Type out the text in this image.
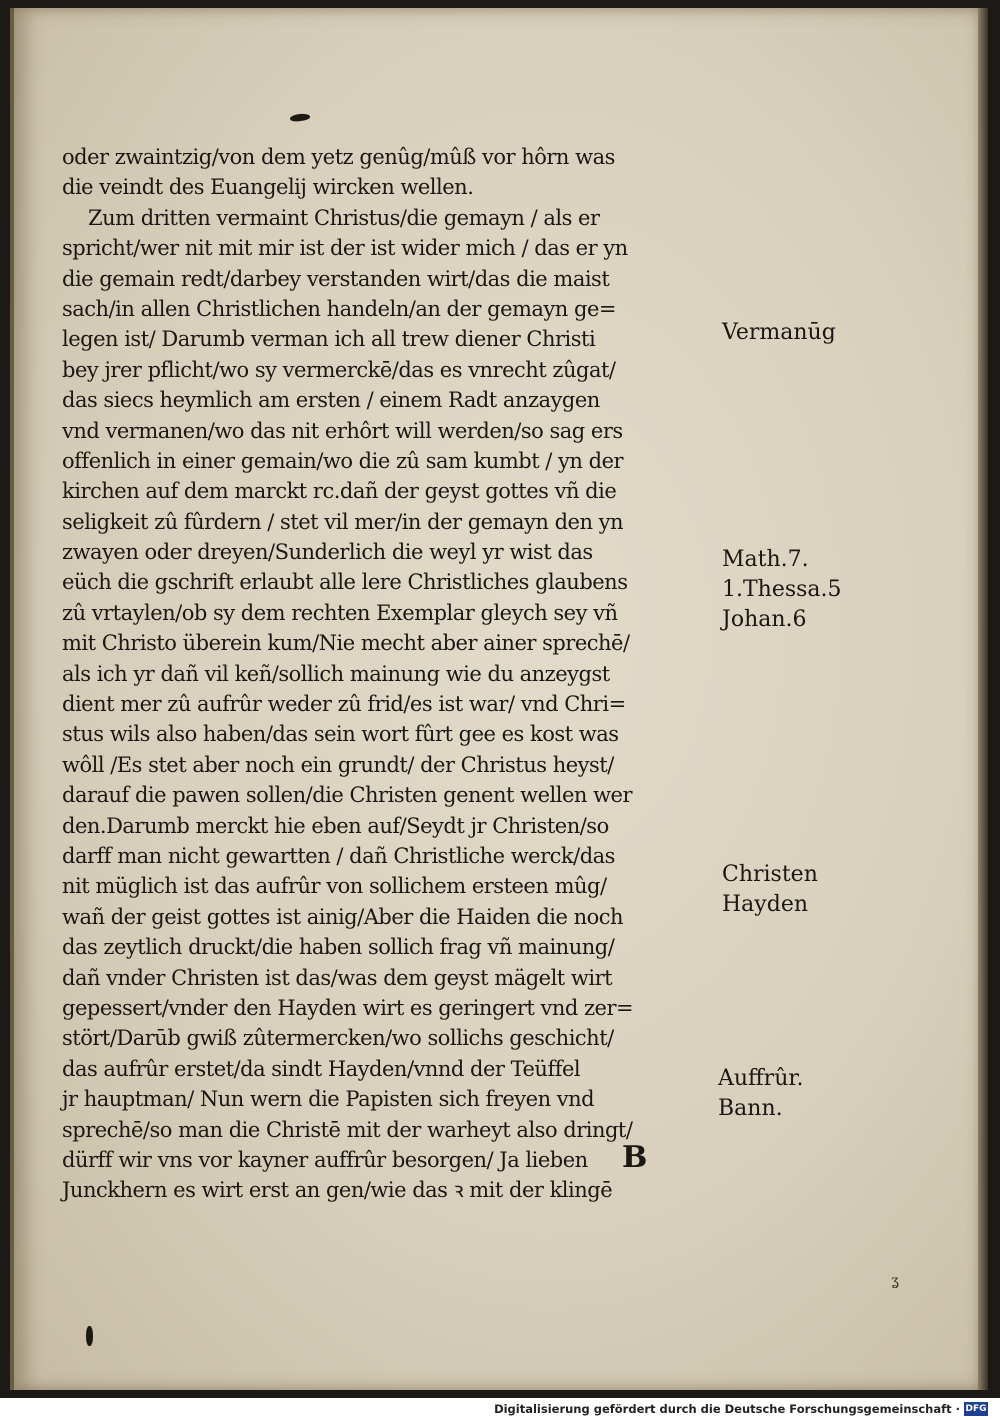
ʓ
oder zwaintzig/von dem yetz genûg/mûß vor hôrn was
die veindt des Euangelij wircken wellen.
Zum dritten vermaint Christus/die gemayn / als er
spricht/wer nit mit mir ist der ist wider mich / das er yn
die gemain redt/darbey verstanden wirt/das die maist
sach/in allen Christlichen handeln/an der gemayn ge=
legen ist/ Darumb verman ich all trew diener Christi
bey jrer pflicht/wo sy vermerckē/das es vnrecht zûgat/
das siecs heymlich am ersten / einem Radt anzaygen
vnd vermanen/wo das nit erhôrt will werden/so sag ers
offenlich in einer gemain/wo die zû sam kumbt / yn der
kirchen auf dem marckt rc.dañ der geyst gottes vñ die
seligkeit zû fûrdern / stet vil mer/in der gemayn den yn
zwayen oder dreyen/Sunderlich die weyl yr wist das
eüch die gschrift erlaubt alle lere Christliches glaubens
zû vrtaylen/ob sy dem rechten Exemplar gleych sey vñ
mit Christo überein kum/Nie mecht aber ainer sprechē/
als ich yr dañ vil keñ/sollich mainung wie du anzeygst
dient mer zû aufrûr weder zû frid/es ist war/ vnd Chri=
stus wils also haben/das sein wort fûrt gee es kost was
wôll /Es stet aber noch ein grundt/ der Christus heyst/
darauf die pawen sollen/die Christen genent wellen wer
den.Darumb merckt hie eben auf/Seydt jr Christen/so
darff man nicht gewartten / dañ Christliche werck/das
nit müglich ist das aufrûr von sollichem ersteen mûg/
wañ der geist gottes ist ainig/Aber die Haiden die noch
das zeytlich druckt/die haben sollich frag vñ mainung/
dañ vnder Christen ist das/was dem geyst mägelt wirt
gepessert/vnder den Hayden wirt es geringert vnd zer=
stört/Darūb gwiß zûtermercken/wo sollichs geschicht/
das aufrûr erstet/da sindt Hayden/vnnd der Teüffel
jr hauptman/ Nun wern die Papisten sich freyen vnd
sprechē/so man die Christē mit der warheyt also dringt/
dürff wir vns vor kayner auffrûr besorgen/ Ja lieben
Junckhern es wirt erst an gen/wie das ꝛ mit der klingē
B
Vermanūg
Math.7.
1.Thessa.5
Johan.6
Christen
Hayden
Auffrûr.
Bann.
Digitalisierung gefördert durch die Deutsche Forschungsgemeinschaft · DFG
